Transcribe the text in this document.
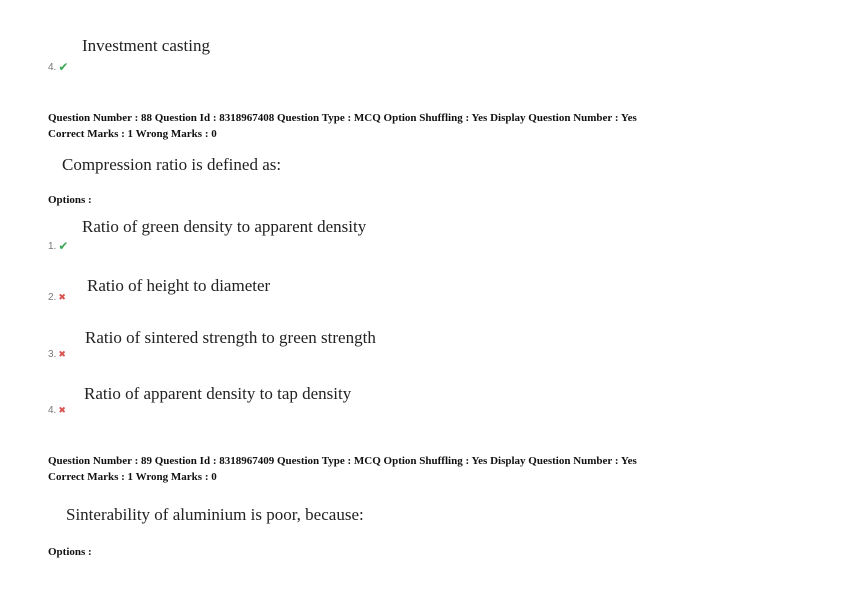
Investment casting
4. ✔
Question Number : 88 Question Id : 8318967408 Question Type : MCQ Option Shuffling : Yes Display Question Number : Yes
Correct Marks : 1 Wrong Marks : 0
Compression ratio is defined as:
Options :
Ratio of green density to apparent density
1. ✔
Ratio of height to diameter
2. ✖
Ratio of sintered strength to green strength
3. ✖
Ratio of apparent density to tap density
4. ✖
Question Number : 89 Question Id : 8318967409 Question Type : MCQ Option Shuffling : Yes Display Question Number : Yes
Correct Marks : 1 Wrong Marks : 0
Sinterability of aluminium is poor, because:
Options :
